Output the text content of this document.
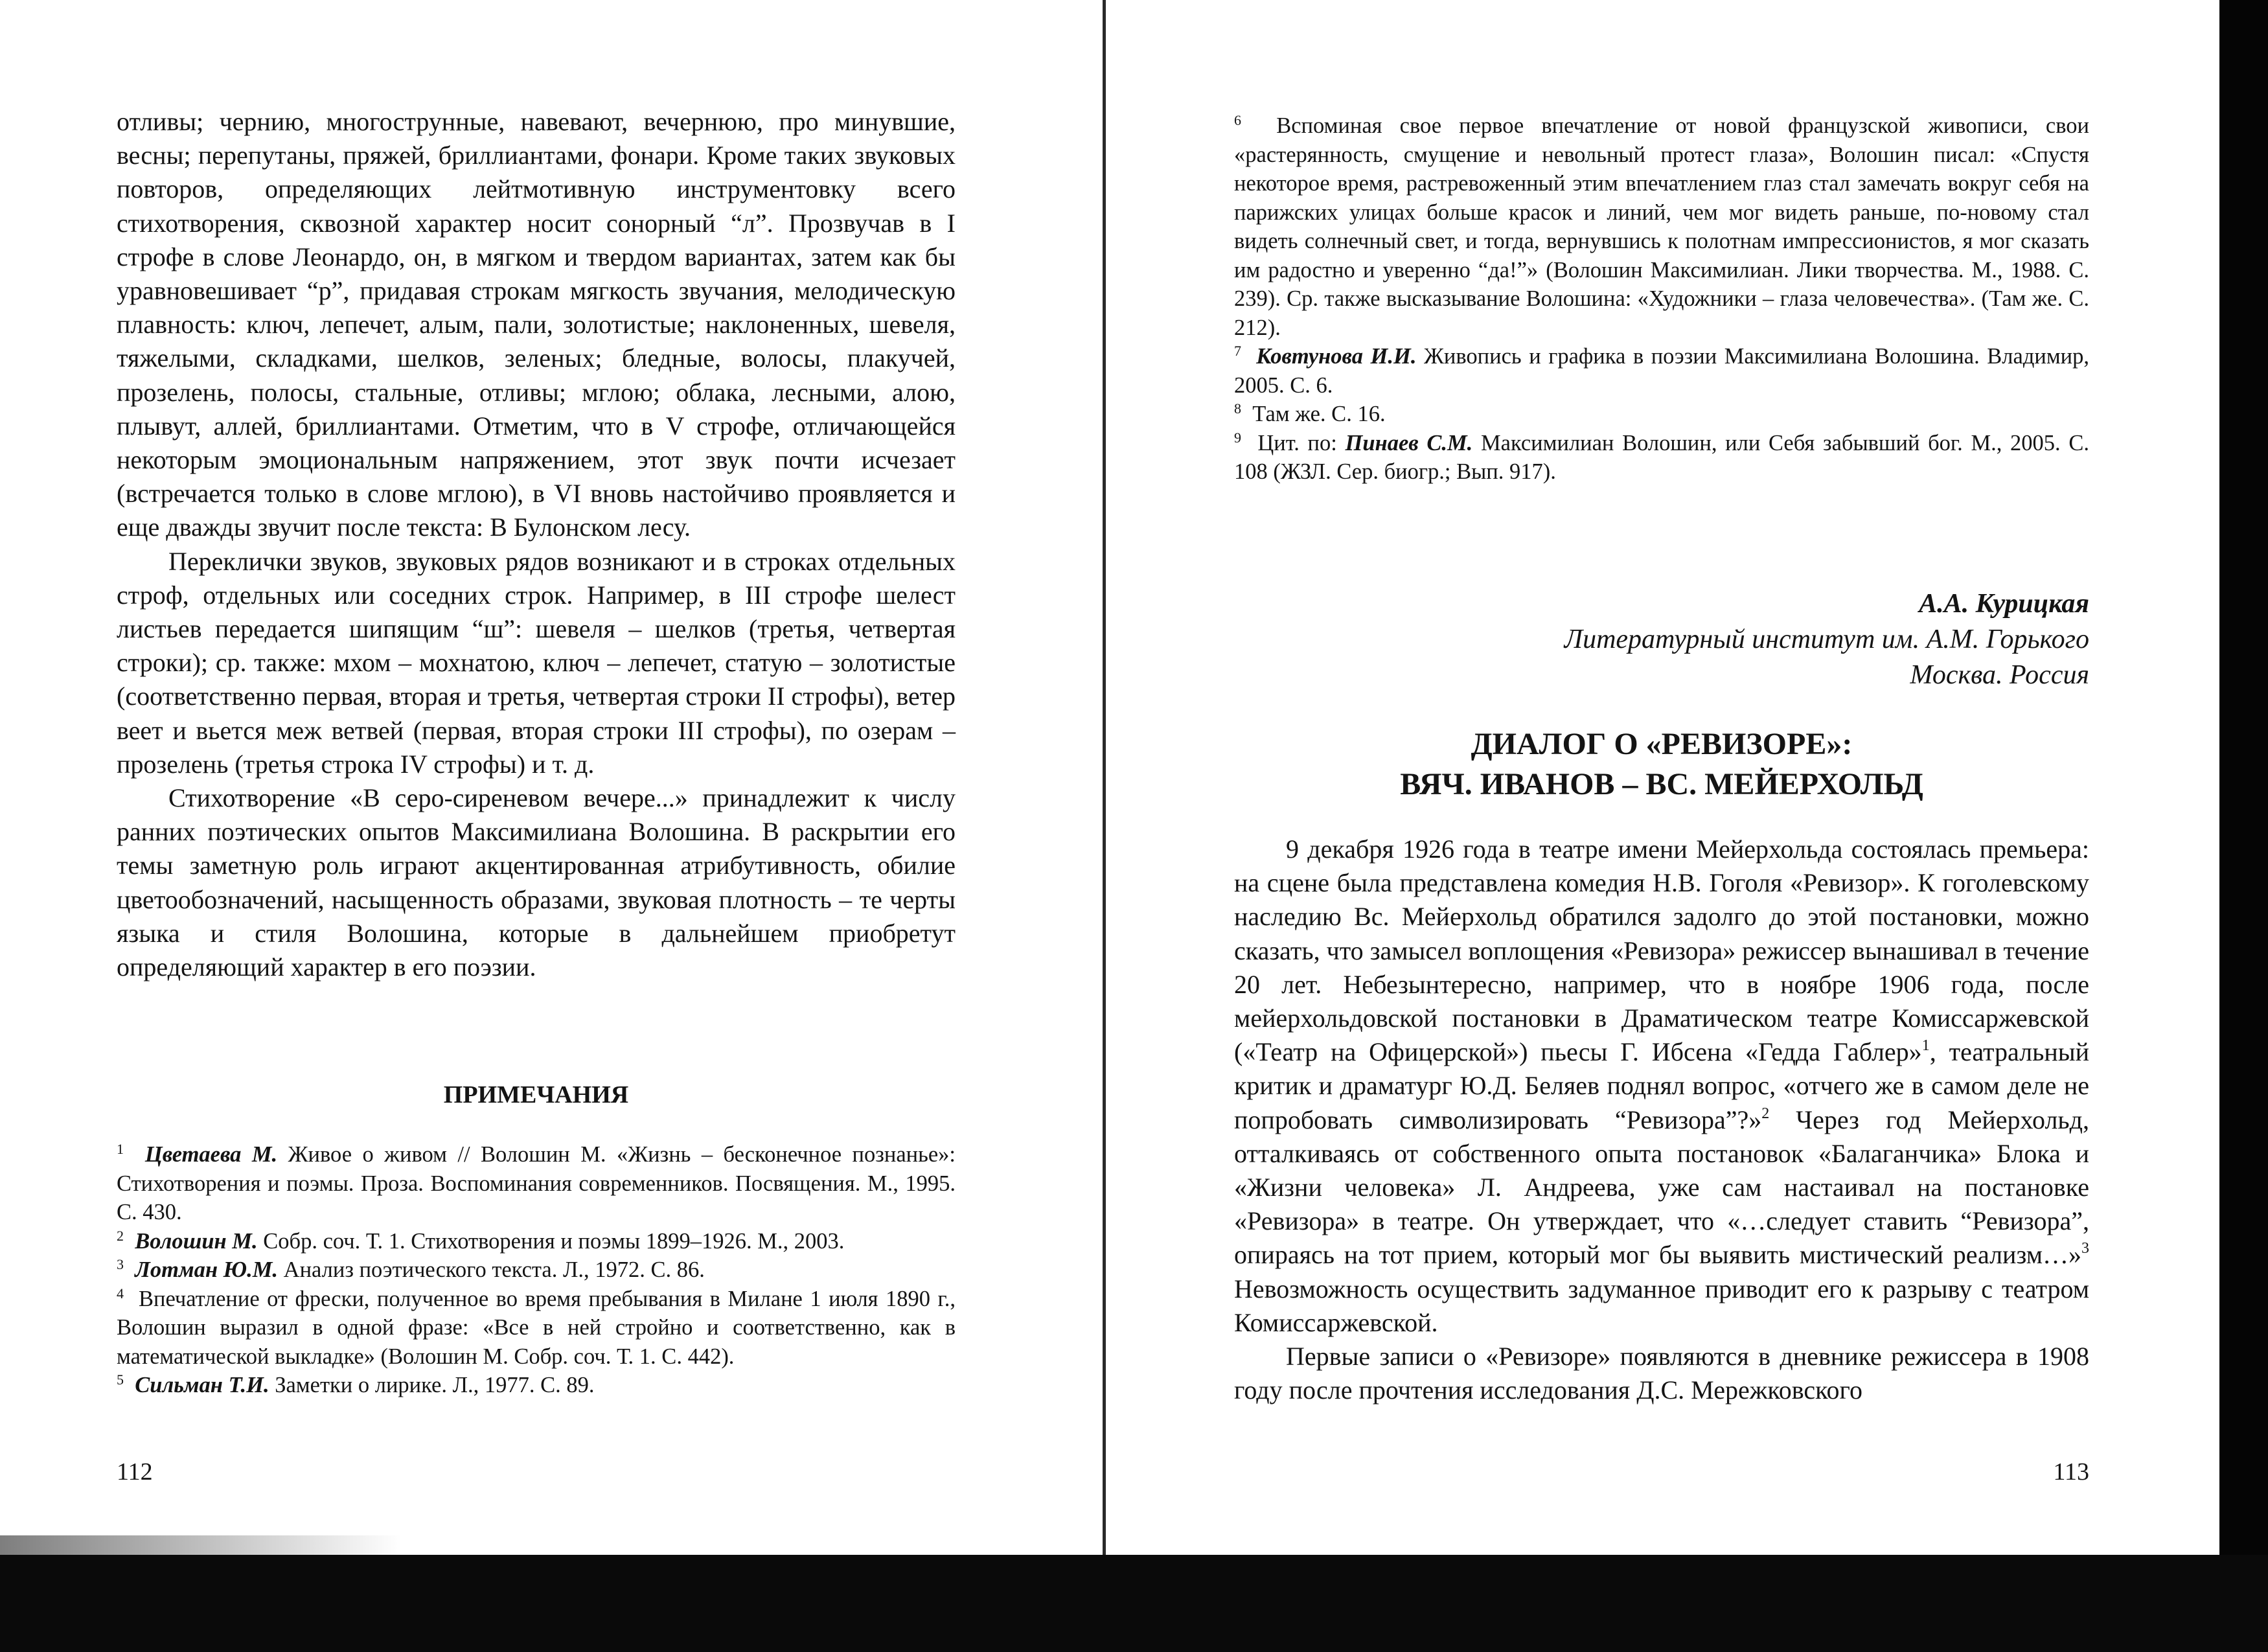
отливы; чернию, многострунные, навевают, вечернюю, про минувшие, весны; перепутаны, пряжей, бриллиантами, фонари. Кроме таких звуковых повторов, определяющих лейтмотивную инструментовку всего стихотворения, сквозной характер носит сонорный “л”. Прозвучав в I строфе в слове Леонардо, он, в мягком и твердом вариантах, затем как бы уравновешивает “р”, придавая строкам мягкость звучания, мелодическую плавность: ключ, лепечет, алым, пали, золотистые; наклоненных, шевеля, тяжелыми, складками, шелков, зеленых; бледные, волосы, плакучей, прозелень, полосы, стальные, отливы; мглою; облака, лесными, алою, плывут, аллей, бриллиантами. Отметим, что в V строфе, отличающейся некоторым эмоциональным напряжением, этот звук почти исчезает (встречается только в слове мглою), в VI вновь настойчиво проявляется и еще дважды звучит после текста: В Булонском лесу.

Переклички звуков, звуковых рядов возникают и в строках отдельных строф, отдельных или соседних строк. Например, в III строфе шелест листьев передается шипящим “ш”: шевеля – шелков (третья, четвертая строки); ср. также: мхом – мохнатою, ключ – лепечет, статую – золотистые (соответственно первая, вторая и третья, четвертая строки II строфы), ветер веет и вьется меж ветвей (первая, вторая строки III строфы), по озерам – прозелень (третья строка IV строфы) и т. д.

Стихотворение «В серо-сиреневом вечере...» принадлежит к числу ранних поэтических опытов Максимилиана Волошина. В раскрытии его темы заметную роль играют акцентированная атрибутивность, обилие цветообозначений, насыщенность образами, звуковая плотность – те черты языка и стиля Волошина, которые в дальнейшем приобретут определяющий характер в его поэзии.

ПРИМЕЧАНИЯ

$^1$ Цветаева М. Живое о живом // Волошин М. «Жизнь – бесконечное познанье»: Стихотворения и поэмы. Проза. Воспоминания современников. Посвящения. М., 1995. С. 430.

$^2$ Волошин М. Собр. соч. Т. 1. Стихотворения и поэмы 1899–1926. М., 2003.

$^3$ Лотман Ю.М. Анализ поэтического текста. Л., 1972. С. 86.

$^4$ Впечатление от фрески, полученное во время пребывания в Милане 1 июля 1890 г., Волошин выразил в одной фразе: «Все в ней стройно и соответственно, как в математической выкладке» (Волошин М. Собр. соч. Т. 1. С. 442).

$^5$ Сильман Т.И. Заметки о лирике. Л., 1977. С. 89.

112

$^6$ Вспоминая свое первое впечатление от новой французской живописи, свои «растерянность, смущение и невольный протест глаза», Волошин писал: «Спустя некоторое время, растревоженный этим впечатлением глаз стал замечать вокруг себя на парижских улицах больше красок и линий, чем мог видеть раньше, по-новому стал видеть солнечный свет, и тогда, вернувшись к полотнам импрессионистов, я мог сказать им радостно и уверенно “да!”» (Волошин Максимилиан. Лики творчества. М., 1988. С. 239). Ср. также высказывание Волошина: «Художники – глаза человечества». (Там же. С. 212).

$^7$ Ковтунова И.И. Живопись и графика в поэзии Максимилиана Волошина. Владимир, 2005. С. 6.

$^8$ Там же. С. 16.

$^9$ Цит. по: Пинаев С.М. Максимилиан Волошин, или Себя забывший бог. М., 2005. С. 108 (ЖЗЛ. Сер. биогр.; Вып. 917).

А.А. Курицкая
Литературный институт им. А.М. Горького
Москва. Россия
ДИАЛОГ О «РЕВИЗОРЕ»:
ВЯЧ. ИВАНОВ – ВС. МЕЙЕРХОЛЬД

9 декабря 1926 года в театре имени Мейерхольда состоялась премьера: на сцене была представлена комедия Н.В. Гоголя «Ревизор». К гоголевскому наследию Вс. Мейерхольд обратился задолго до этой постановки, можно сказать, что замысел воплощения «Ревизора» режиссер вынашивал в течение 20 лет. Небезынтересно, например, что в ноябре 1906 года, после мейерхольдовской постановки в Драматическом театре Комиссаржевской («Театр на Офицерской») пьесы Г. Ибсена «Гедда Габлер»$^1$, театральный критик и драматург Ю.Д. Беляев поднял вопрос, «отчего же в самом деле не попробовать символизировать “Ревизора”?»$^2$ Через год Мейерхольд, отталкиваясь от собственного опыта постановок «Балаганчика» Блока и «Жизни человека» Л. Андреева, уже сам настаивал на постановке «Ревизора» в театре. Он утверждает, что «…следует ставить “Ревизора”, опираясь на тот прием, который мог бы выявить мистический реализм…»$^3$ Невозможность осуществить задуманное приводит его к разрыву с театром Комиссаржевской.

Первые записи о «Ревизоре» появляются в дневнике режиссера в 1908 году после прочтения исследования Д.С. Мережковского

113
